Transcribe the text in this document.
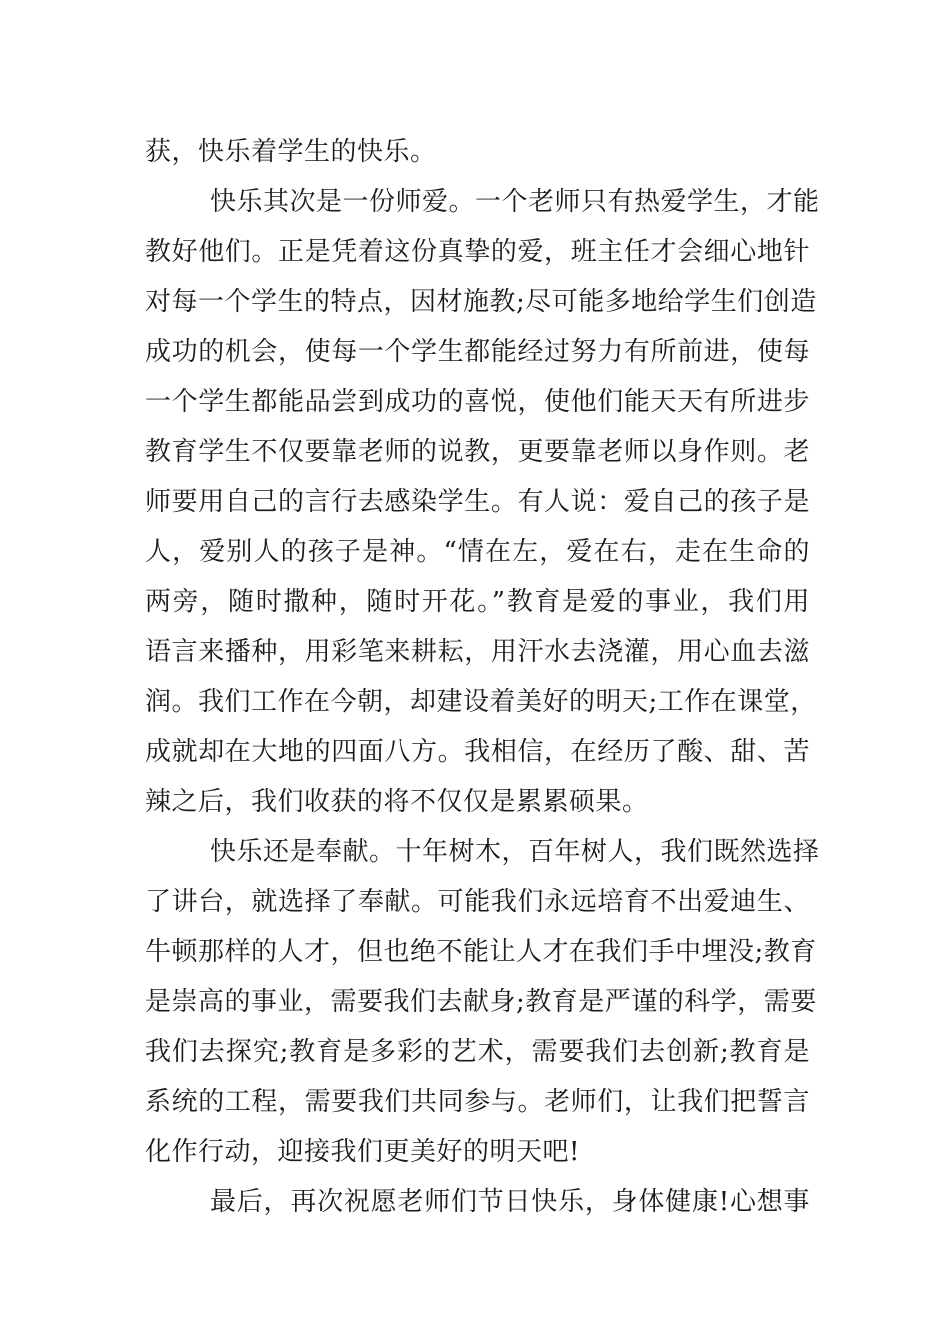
获，快乐着学生的快乐。
快乐其次是一份师爱。一个老师只有热爱学生，才能
教好他们。正是凭着这份真挚的爱，班主任才会细心地针
对每一个学生的特点，因材施教;尽可能多地给学生们创造
成功的机会，使每一个学生都能经过努力有所前进，使每
一个学生都能品尝到成功的喜悦，使他们能天天有所进步
教育学生不仅要靠老师的说教，更要靠老师以身作则。老
师要用自己的言行去感染学生。有人说：爱自己的孩子是
人，爱别人的孩子是神。“情在左，爱在右，走在生命的
两旁，随时撒种，随时开花。”教育是爱的事业，我们用
语言来播种，用彩笔来耕耘，用汗水去浇灌，用心血去滋
润。我们工作在今朝，却建设着美好的明天;工作在课堂，
成就却在大地的四面八方。我相信，在经历了酸、甜、苦
辣之后，我们收获的将不仅仅是累累硕果。
快乐还是奉献。十年树木，百年树人，我们既然选择
了讲台，就选择了奉献。可能我们永远培育不出爱迪生、
牛顿那样的人才，但也绝不能让人才在我们手中埋没;教育
是崇高的事业，需要我们去献身;教育是严谨的科学，需要
我们去探究;教育是多彩的艺术，需要我们去创新;教育是
系统的工程，需要我们共同参与。老师们，让我们把誓言
化作行动，迎接我们更美好的明天吧!
最后，再次祝愿老师们节日快乐，身体健康!心想事
